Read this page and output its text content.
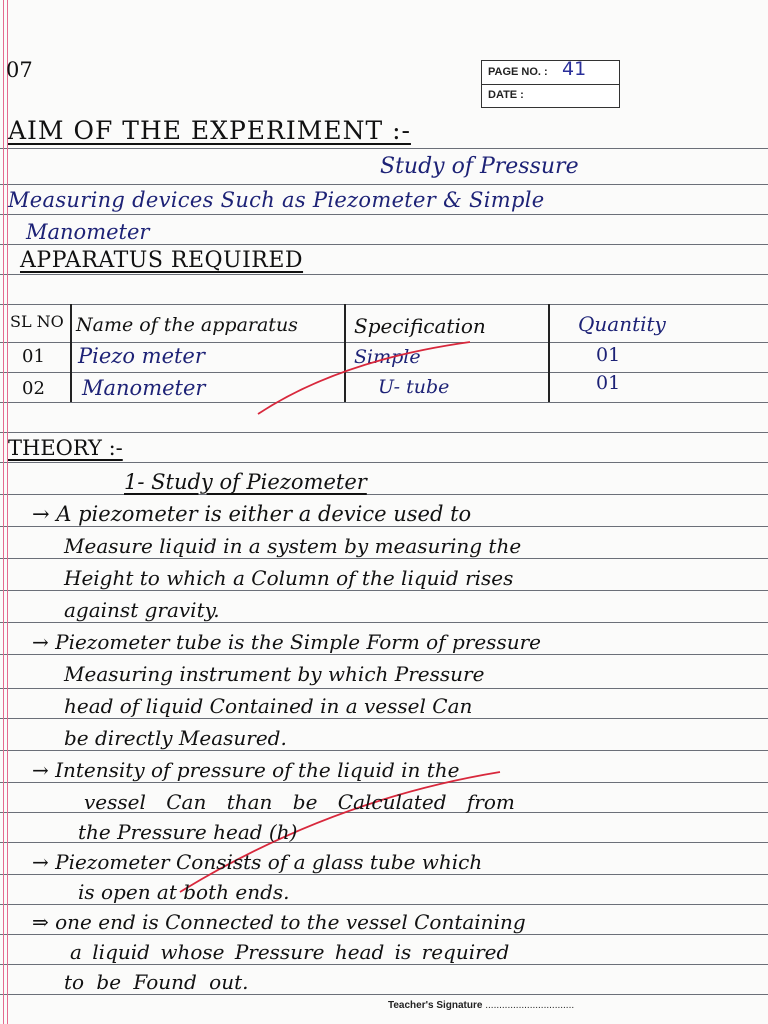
07	PAGE NO. : 41
DATE :
AIM OF THE EXPERIMENT :-
Study of Pressure
Measuring devices Such as Piezometer & Simple
Manometer
APPARATUS REQUIRED
SL NO Name of the apparatus	Specification	Quantity
01 Piezo meter	Simple	01
02 Manometer	U- tube	01
THEORY :-
1- Study of Piezometer
→ A piezometer is either a device used to
Measure liquid in a system by measuring the
Height to which a Column of the liquid rises
against gravity.
→ Piezometer tube is the Simple Form of pressure
Measuring instrument by which Pressure
head of liquid Contained in a vessel Can
be directly Measured.
→ Intensity of pressure of the liquid in the
vessel Can than be Calculated from
the Pressure head (h)
→ Piezometer Consists of a glass tube which
is open at both ends.
⇒ one end is Connected to the vessel Containing
a liquid whose Pressure head is required
to be Found out.
Teacher's Signature ................................
